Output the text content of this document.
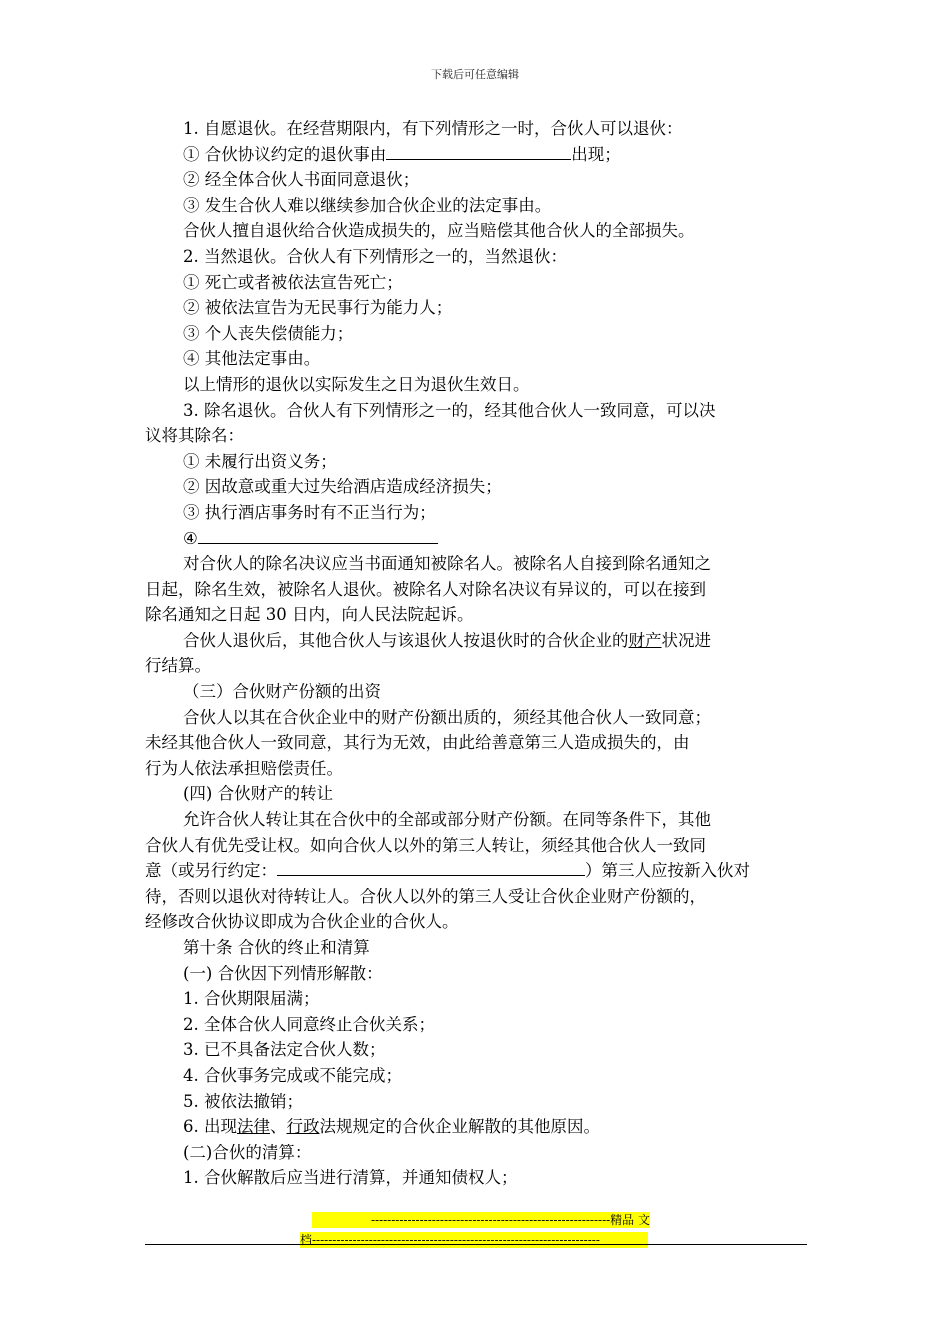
下载后可任意编辑
1. 自愿退伙。在经营期限内，有下列情形之一时，合伙人可以退伙：
① 合伙协议约定的退伙事由	出现；
② 经全体合伙人书面同意退伙；
③ 发生合伙人难以继续参加合伙企业的法定事由。
合伙人擅自退伙给合伙造成损失的，应当赔偿其他合伙人的全部损失。
2. 当然退伙。合伙人有下列情形之一的，当然退伙：
① 死亡或者被依法宣告死亡；
② 被依法宣告为无民事行为能力人；
③ 个人丧失偿债能力；
④ 其他法定事由。
以上情形的退伙以实际发生之日为退伙生效日。
3. 除名退伙。合伙人有下列情形之一的，经其他合伙人一致同意，可以决
议将其除名：
① 未履行出资义务；
② 因故意或重大过失给酒店造成经济损失；
③ 执行酒店事务时有不正当行为；
④
对合伙人的除名决议应当书面通知被除名人。被除名人自接到除名通知之
日起，除名生效，被除名人退伙。被除名人对除名决议有异议的，可以在接到
除名通知之日起 30 日内，向人民法院起诉。
合伙人退伙后，其他合伙人与该退伙人按退伙时的合伙企业的财产状况进
行结算。
（三）合伙财产份额的出资
合伙人以其在合伙企业中的财产份额出质的，须经其他合伙人一致同意；
未经其他合伙人一致同意，其行为无效，由此给善意第三人造成损失的，由
行为人依法承担赔偿责任。
(四) 合伙财产的转让
允许合伙人转让其在合伙中的全部或部分财产份额。在同等条件下，其他
合伙人有优先受让权。如向合伙人以外的第三人转让，须经其他合伙人一致同
意（或另行约定：	）第三人应按新入伙对
待，否则以退伙对待转让人。合伙人以外的第三人受让合伙企业财产份额的，
经修改合伙协议即成为合伙企业的合伙人。
第十条 合伙的终止和清算
(一) 合伙因下列情形解散：
1. 合伙期限届满；
2. 全体合伙人同意终止合伙关系；
3. 已不具备法定合伙人数；
4. 合伙事务完成或不能完成；
5. 被依法撤销；
6. 出现法律、行政法规规定的合伙企业解散的其他原因。
(二)合伙的清算：
1. 合伙解散后应当进行清算，并通知债权人；
-----------------------------------------------------------精品 文
档-----------------------------------------------------------------------
